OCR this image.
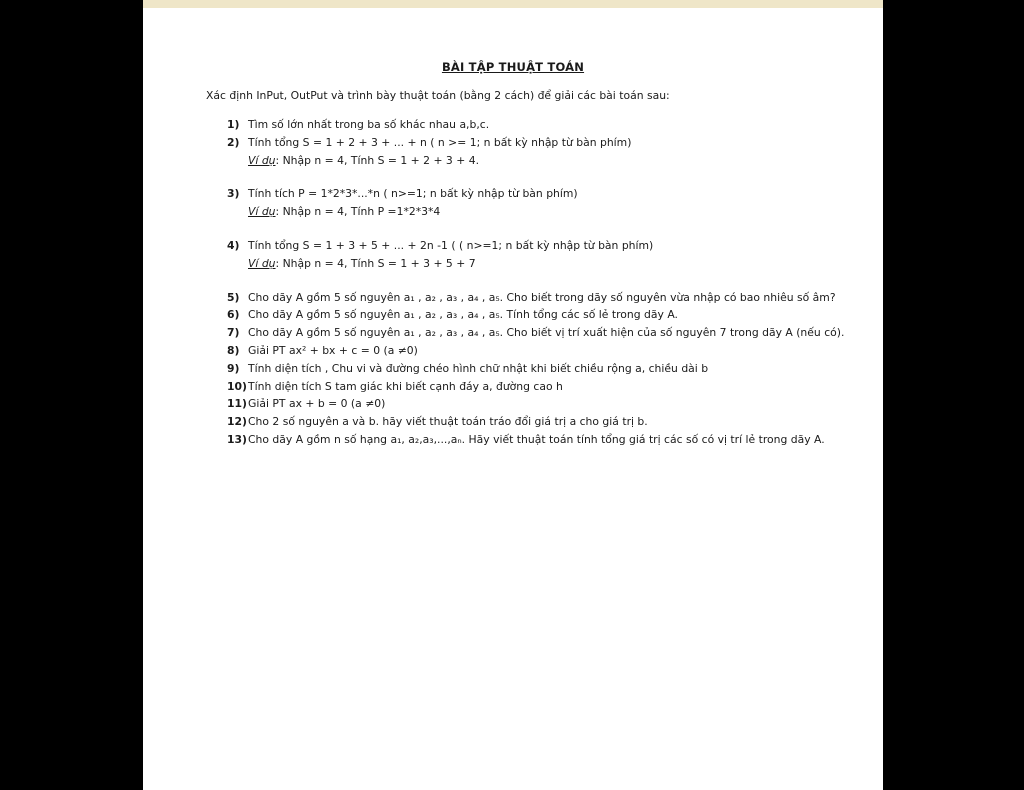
BÀI TẬP THUẬT TOÁN
Xác định InPut, OutPut và trình bày thuật toán (bằng 2 cách) để giải các bài toán sau:
1) Tìm số lớn nhất trong ba số khác nhau a,b,c.
2) Tính tổng S = 1 + 2 + 3 + ... + n ( n >= 1; n bất kỳ nhập từ bàn phím)
Ví dụ: Nhập n = 4, Tính S = 1 + 2 + 3 + 4.
3) Tính tích P = 1*2*3*...*n ( n>=1; n bất kỳ nhập từ bàn phím)
Ví dụ: Nhập n = 4, Tính P =1*2*3*4
4) Tính tổng S = 1 + 3 + 5 + ... + 2n -1 ( ( n>=1; n bất kỳ nhập từ bàn phím)
Ví dụ: Nhập n = 4, Tính S = 1 + 3 + 5 + 7
5) Cho dãy A gồm 5 số nguyên a₁ , a₂ , a₃ , a₄ , a₅. Cho biết trong dãy số nguyên vừa nhập có bao nhiêu số âm?
6) Cho dãy A gồm 5 số nguyên a₁ , a₂ , a₃ , a₄ , a₅. Tính tổng các số lẻ trong dãy A.
7) Cho dãy A gồm 5 số nguyên a₁ , a₂ , a₃ , a₄ , a₅. Cho biết vị trí xuất hiện của số nguyên 7 trong dãy A (nếu có).
8) Giải PT ax² + bx + c = 0 (a ≠0)
9) Tính diện tích , Chu vi và đường chéo hình chữ nhật khi biết chiều rộng a, chiều dài b
10) Tính diện tích S tam giác khi biết cạnh đáy a, đường cao h
11) Giải PT ax + b = 0 (a ≠0)
12) Cho 2 số nguyên a và b. hãy viết thuật toán tráo đổi giá trị a cho giá trị b.
13) Cho dãy A gồm n số hạng a₁, a₂,a₃,...,aₙ. Hãy viết thuật toán tính tổng giá trị các số có vị trí lẻ trong dãy A.
